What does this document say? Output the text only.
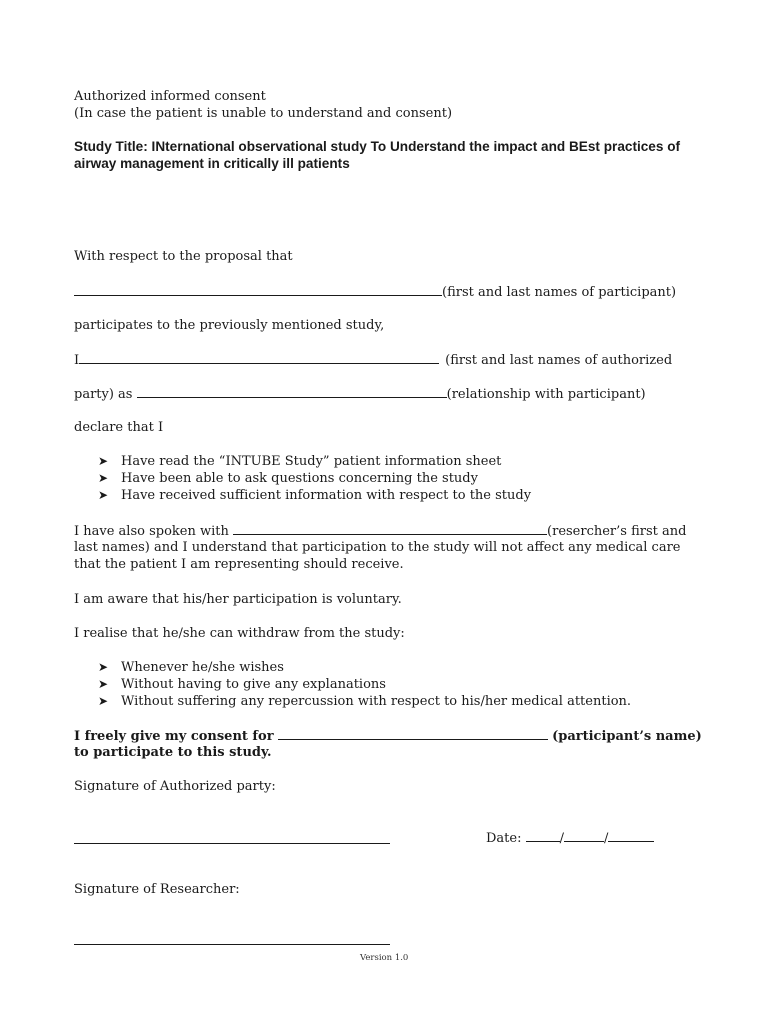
Authorized informed consent
(In case the patient is unable to understand and consent)
Study Title: INternational observational study To Understand the impact and BEst practices of airway management in critically ill patients
With respect to the proposal that
(first and last names of participant)
participates to the previously mentioned study,
I	(first and last names of authorized
party) as	(relationship with participant)
declare that I
➤ Have read the “INTUBE Study” patient information sheet
➤ Have been able to ask questions concerning the study
➤ Have received sufficient information with respect to the study
I have also spoken with	(resercher’s first and
last names) and I understand that participation to the study will not affect any medical care
that the patient I am representing should receive.
I am aware that his/her participation is voluntary.
I realise that he/she can withdraw from the study:
➤ Whenever he/she wishes
➤ Without having to give any explanations
➤ Without suffering any repercussion with respect to his/her medical attention.
I freely give my consent for	(participant’s name)
to participate to this study.
Signature of Authorized party:
Date:	/	/
Signature of Researcher:
Version 1.0
